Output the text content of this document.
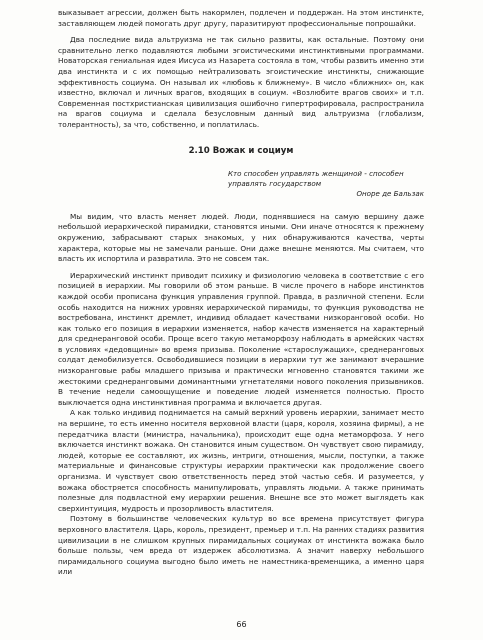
выказывает агрессии, должен быть накормлен, подлечен и поддержан. На этом инстинкте, заставляющем людей помогать друг другу, паразитируют профессиональные попрошайки.

Два последние вида альтруизма не так сильно развиты, как остальные. Поэтому они сравнительно легко подавляются любыми эгоистическими инстинктивными программами. Новаторская гениальная идея Иисуса из Назарета состояла в том, чтобы развить именно эти два инстинкта и с их помощью нейтрализовать эгоистические инстинкты, снижающие эффективность социума. Он называл их «любовь к ближнему». В число «ближних» он, как известно, включал и личных врагов, входящих в социум. «Возлюбите врагов своих» и т.п. Современная постхристианская цивилизация ошибочно гипертрофировала, распространила на врагов социума и сделала безусловным данный вид альтруизма (глобализм, толерантность), за что, собственно, и поплатилась.

2.10 Вожак и социум
Кто способен управлять женщиной - способен управлять государством
Оноре де Бальзак

Мы видим, что власть меняет людей. Люди, поднявшиеся на самую вершину даже небольшой иерархической пирамидки, становятся иными. Они иначе относятся к прежнему окружению, забрасывают старых знакомых, у них обнаруживаются качества, черты характера, которые мы не замечали раньше. Они даже внешне меняются. Мы считаем, что власть их испортила и развратила. Это не совсем так.

Иерархический инстинкт приводит психику и физиологию человека в соответствие с его позицией в иерархии. Мы говорили об этом раньше. В числе прочего в наборе инстинктов каждой особи прописана функция управления группой. Правда, в различной степени. Если особь находится на нижних уровнях иерархической пирамиды, то функция руководства не востребована, инстинкт дремлет, индивид обладает качествами низкоранговой особи. Но как только его позиция в иерархии изменяется, набор качеств изменяется на характерный для среднеранговой особи. Проще всего такую метаморфозу наблюдать в армейских частях в условиях «дедовщины» во время призыва. Поколение «старослужащих», среднеранговых солдат демобилизуется. Освободившиеся позиции в иерархии тут же занимают вчерашние низкоранговые рабы младшего призыва и практически мгновенно становятся такими же жестокими среднеранговыми доминантными угнетателями нового поколения призывников. В течение недели самоощущение и поведение людей изменяется полностью. Просто выключается одна инстинктивная программа и включается другая.

А как только индивид поднимается на самый верхний уровень иерархии, занимает место на вершине, то есть именно носителя верховной власти (царя, короля, хозяина фирмы), а не передатчика власти (министра, начальника), происходит еще одна метаморфоза. У него включается инстинкт вожака. Он становится иным существом. Он чувствует свою пирамиду, людей, которые ее составляют, их жизнь, интриги, отношения, мысли, поступки, а также материальные и финансовые структуры иерархии практически как продолжение своего организма. И чувствует свою ответственность перед этой частью себя. И разумеется, у вожака обостряется способность манипулировать, управлять людьми. А также принимать полезные для подвластной ему иерархии решения. Внешне все это может выглядеть как сверхинтуиция, мудрость и прозорливость властителя.

Поэтому в большинстве человеческих культур во все времена присутствует фигура верховного властителя. Царь, король, президент, премьер и т.п. На ранних стадиях развития цивилизации в не слишком крупных пирамидальных социумах от инстинкта вожака было больше пользы, чем вреда от издержек абсолютизма. А значит наверху небольшого пирамидального социума выгодно было иметь не наместника-временщика, а именно царя или

66
